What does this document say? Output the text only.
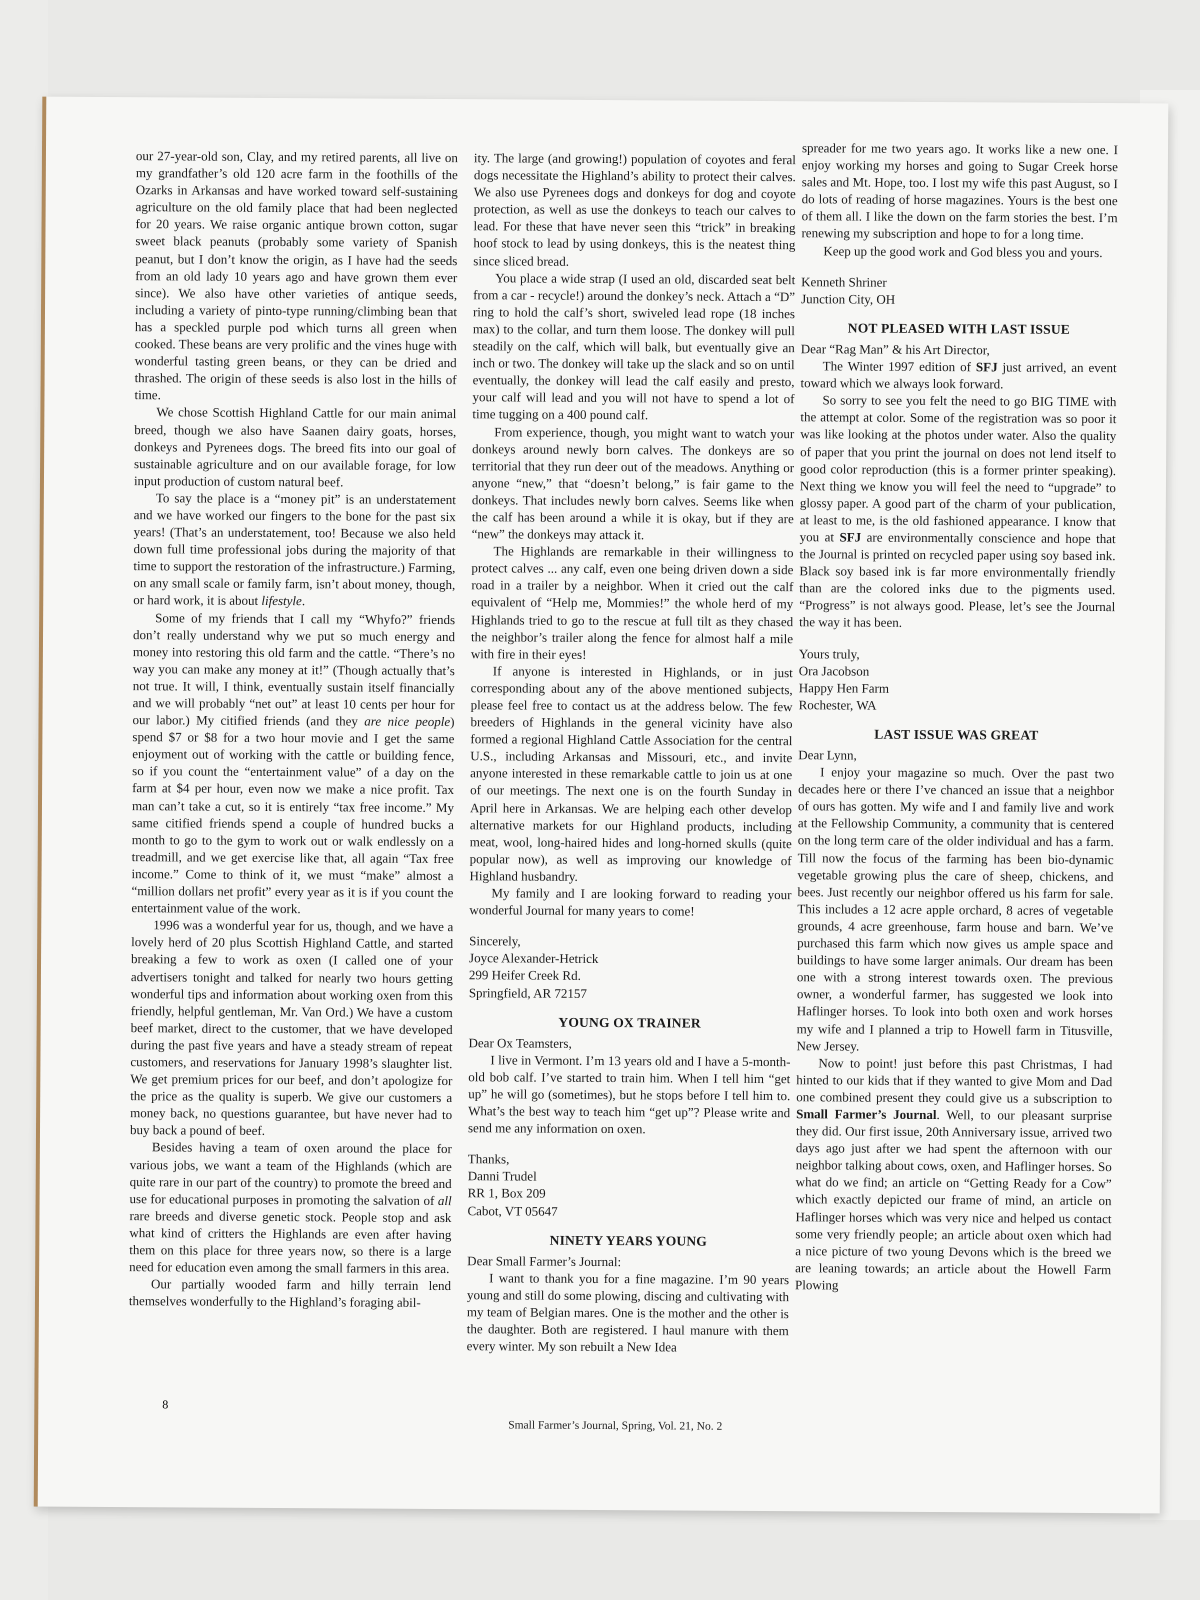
our 27-year-old son, Clay, and my retired parents, all live on my grandfather’s old 120 acre farm in the foothills of the Ozarks in Arkansas and have worked toward self-sustaining agriculture on the old family place that had been neglected for 20 years. We raise organic antique brown cotton, sugar sweet black peanuts (probably some variety of Spanish peanut, but I don’t know the origin, as I have had the seeds from an old lady 10 years ago and have grown them ever since). We also have other varieties of antique seeds, including a variety of pinto-type running/climbing bean that has a speckled purple pod which turns all green when cooked. These beans are very prolific and the vines huge with wonderful tasting green beans, or they can be dried and thrashed. The origin of these seeds is also lost in the hills of time.

We chose Scottish Highland Cattle for our main animal breed, though we also have Saanen dairy goats, horses, donkeys and Pyrenees dogs. The breed fits into our goal of sustainable agriculture and on our available forage, for low input production of custom natural beef.

To say the place is a “money pit” is an understatement and we have worked our fingers to the bone for the past six years! (That’s an understatement, too! Because we also held down full time professional jobs during the majority of that time to support the restoration of the infrastructure.) Farming, on any small scale or family farm, isn’t about money, though, or hard work, it is about lifestyle.

Some of my friends that I call my “Whyfo?” friends don’t really understand why we put so much energy and money into restoring this old farm and the cattle. “There’s no way you can make any money at it!” (Though actually that’s not true. It will, I think, eventually sustain itself financially and we will probably “net out” at least 10 cents per hour for our labor.) My citified friends (and they are nice people) spend $7 or $8 for a two hour movie and I get the same enjoyment out of working with the cattle or building fence, so if you count the “entertainment value” of a day on the farm at $4 per hour, even now we make a nice profit. Tax man can’t take a cut, so it is entirely “tax free income.” My same citified friends spend a couple of hundred bucks a month to go to the gym to work out or walk endlessly on a treadmill, and we get exercise like that, all again “Tax free income.” Come to think of it, we must “make” almost a “million dollars net profit” every year as it is if you count the entertainment value of the work.

1996 was a wonderful year for us, though, and we have a lovely herd of 20 plus Scottish Highland Cattle, and started breaking a few to work as oxen (I called one of your advertisers tonight and talked for nearly two hours getting wonderful tips and information about working oxen from this friendly, helpful gentleman, Mr. Van Ord.) We have a custom beef market, direct to the customer, that we have developed during the past five years and have a steady stream of repeat customers, and reservations for January 1998’s slaughter list. We get premium prices for our beef, and don’t apologize for the price as the quality is superb. We give our customers a money back, no questions guarantee, but have never had to buy back a pound of beef.

Besides having a team of oxen around the place for various jobs, we want a team of the Highlands (which are quite rare in our part of the country) to promote the breed and use for educational purposes in promoting the salvation of all rare breeds and diverse genetic stock. People stop and ask what kind of critters the Highlands are even after having them on this place for three years now, so there is a large need for education even among the small farmers in this area.

Our partially wooded farm and hilly terrain lend themselves wonderfully to the Highland’s foraging abil-

ity. The large (and growing!) population of coyotes and feral dogs necessitate the Highland’s ability to protect their calves. We also use Pyrenees dogs and donkeys for dog and coyote protection, as well as use the donkeys to teach our calves to lead. For these that have never seen this “trick” in breaking hoof stock to lead by using donkeys, this is the neatest thing since sliced bread.

You place a wide strap (I used an old, discarded seat belt from a car - recycle!) around the donkey’s neck. Attach a “D” ring to hold the calf’s short, swiveled lead rope (18 inches max) to the collar, and turn them loose. The donkey will pull steadily on the calf, which will balk, but eventually give an inch or two. The donkey will take up the slack and so on until eventually, the donkey will lead the calf easily and presto, your calf will lead and you will not have to spend a lot of time tugging on a 400 pound calf.

From experience, though, you might want to watch your donkeys around newly born calves. The donkeys are so territorial that they run deer out of the meadows. Anything or anyone “new,” that “doesn’t belong,” is fair game to the donkeys. That includes newly born calves. Seems like when the calf has been around a while it is okay, but if they are “new” the donkeys may attack it.

The Highlands are remarkable in their willingness to protect calves ... any calf, even one being driven down a side road in a trailer by a neighbor. When it cried out the calf equivalent of “Help me, Mommies!” the whole herd of my Highlands tried to go to the rescue at full tilt as they chased the neighbor’s trailer along the fence for almost half a mile with fire in their eyes!

If anyone is interested in Highlands, or in just corresponding about any of the above mentioned subjects, please feel free to contact us at the address below. The few breeders of Highlands in the general vicinity have also formed a regional Highland Cattle Association for the central U.S., including Arkansas and Missouri, etc., and invite anyone interested in these remarkable cattle to join us at one of our meetings. The next one is on the fourth Sunday in April here in Arkansas. We are helping each other develop alternative markets for our Highland products, including meat, wool, long-haired hides and long-horned skulls (quite popular now), as well as improving our knowledge of Highland husbandry.

My family and I are looking forward to reading your wonderful Journal for many years to come!

Sincerely,
Joyce Alexander-Hetrick
299 Heifer Creek Rd.
Springfield, AR 72157
YOUNG OX TRAINER
Dear Ox Teamsters,

I live in Vermont. I’m 13 years old and I have a 5-month-old bob calf. I’ve started to train him. When I tell him “get up” he will go (sometimes), but he stops before I tell him to. What’s the best way to teach him “get up”? Please write and send me any information on oxen.

Thanks,
Danni Trudel
RR 1, Box 209
Cabot, VT 05647
NINETY YEARS YOUNG
Dear Small Farmer’s Journal:

I want to thank you for a fine magazine. I’m 90 years young and still do some plowing, discing and cultivating with my team of Belgian mares. One is the mother and the other is the daughter. Both are registered. I haul manure with them every winter. My son rebuilt a New Idea

spreader for me two years ago. It works like a new one. I enjoy working my horses and going to Sugar Creek horse sales and Mt. Hope, too. I lost my wife this past August, so I do lots of reading of horse magazines. Yours is the best one of them all. I like the down on the farm stories the best. I’m renewing my subscription and hope to for a long time.

Keep up the good work and God bless you and yours.

Kenneth Shriner
Junction City, OH
NOT PLEASED WITH LAST ISSUE
Dear “Rag Man” & his Art Director,

The Winter 1997 edition of SFJ just arrived, an event toward which we always look forward.

So sorry to see you felt the need to go BIG TIME with the attempt at color. Some of the registration was so poor it was like looking at the photos under water. Also the quality of paper that you print the journal on does not lend itself to good color reproduction (this is a former printer speaking). Next thing we know you will feel the need to “upgrade” to glossy paper. A good part of the charm of your publication, at least to me, is the old fashioned appearance. I know that you at SFJ are environmentally conscience and hope that the Journal is printed on recycled paper using soy based ink. Black soy based ink is far more environmentally friendly than are the colored inks due to the pigments used. “Progress” is not always good. Please, let’s see the Journal the way it has been.

Yours truly,
Ora Jacobson
Happy Hen Farm
Rochester, WA
LAST ISSUE WAS GREAT
Dear Lynn,

I enjoy your magazine so much. Over the past two decades here or there I’ve chanced an issue that a neighbor of ours has gotten. My wife and I and family live and work at the Fellowship Community, a community that is centered on the long term care of the older individual and has a farm. Till now the focus of the farming has been bio-dynamic vegetable growing plus the care of sheep, chickens, and bees. Just recently our neighbor offered us his farm for sale. This includes a 12 acre apple orchard, 8 acres of vegetable grounds, 4 acre greenhouse, farm house and barn. We’ve purchased this farm which now gives us ample space and buildings to have some larger animals. Our dream has been one with a strong interest towards oxen. The previous owner, a wonderful farmer, has suggested we look into Haflinger horses. To look into both oxen and work horses my wife and I planned a trip to Howell farm in Titusville, New Jersey.

Now to point! just before this past Christmas, I had hinted to our kids that if they wanted to give Mom and Dad one combined present they could give us a subscription to Small Farmer’s Journal. Well, to our pleasant surprise they did. Our first issue, 20th Anniversary issue, arrived two days ago just after we had spent the afternoon with our neighbor talking about cows, oxen, and Haflinger horses. So what do we find; an article on “Getting Ready for a Cow” which exactly depicted our frame of mind, an article on Haflinger horses which was very nice and helped us contact some very friendly people; an article about oxen which had a nice picture of two young Devons which is the breed we are leaning towards; an article about the Howell Farm Plowing

8
Small Farmer’s Journal, Spring, Vol. 21, No. 2
